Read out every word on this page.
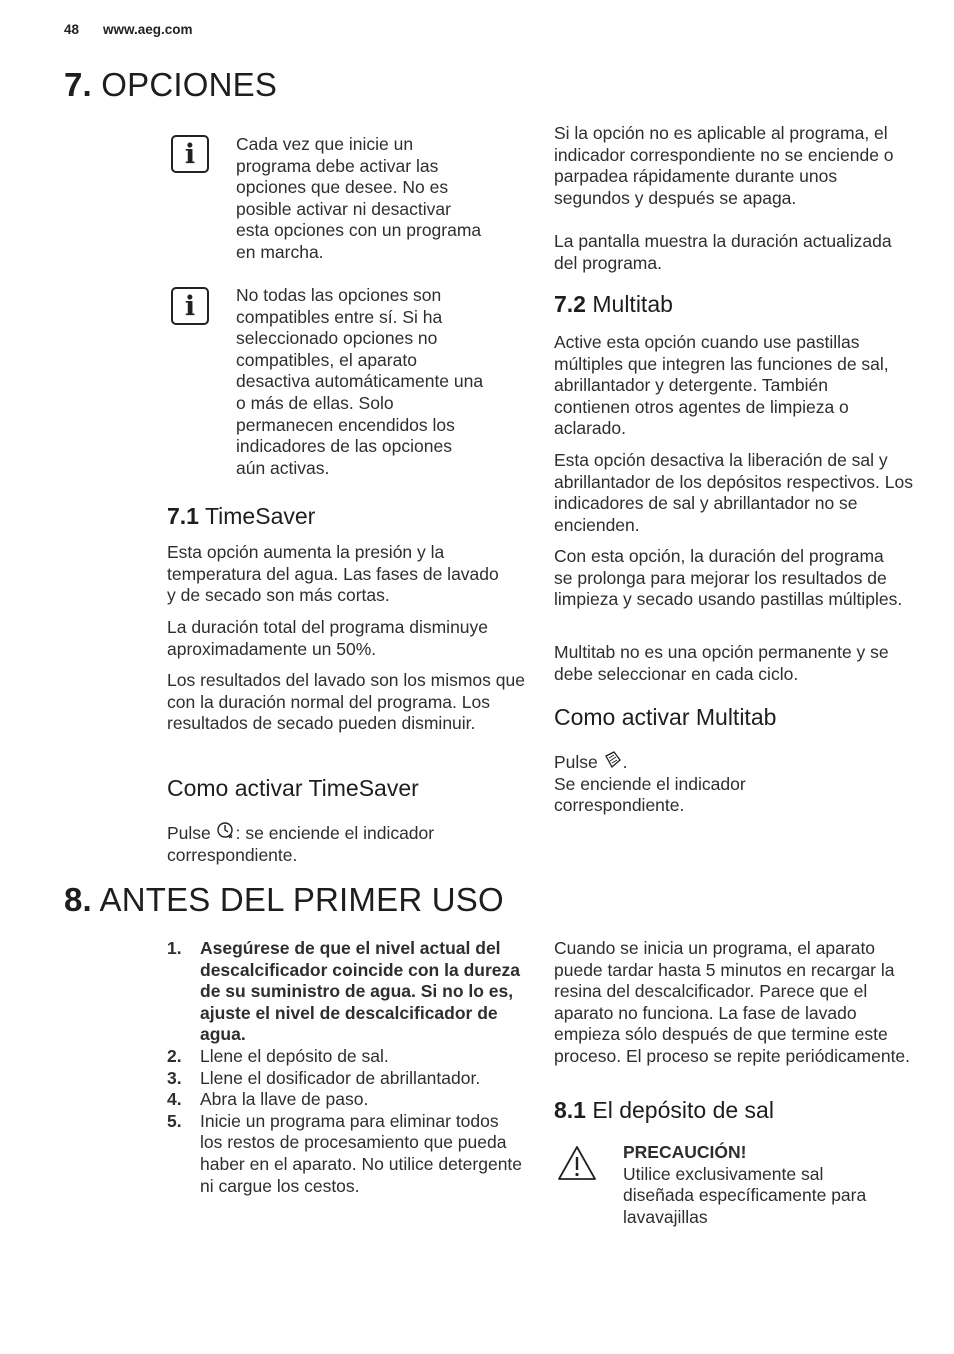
48 www.aeg.com
7. OPCIONES
i Cada vez que inicie un programa debe activar las opciones que desee. No es posible activar ni desactivar esta opciones con un programa en marcha.

i No todas las opciones son compatibles entre sí. Si ha seleccionado opciones no compatibles, el aparato desactiva automáticamente una o más de ellas. Solo permanecen encendidos los indicadores de las opciones aún activas.

7.1 TimeSaver

Esta opción aumenta la presión y la temperatura del agua. Las fases de lavado y de secado son más cortas.

La duración total del programa disminuye aproximadamente un 50%.

Los resultados del lavado son los mismos que con la duración normal del programa. Los resultados de secado pueden disminuir.

Como activar TimeSaver

Pulse : se enciende el indicador correspondiente.

Si la opción no es aplicable al programa, el indicador correspondiente no se enciende o parpadea rápidamente durante unos segundos y después se apaga.

La pantalla muestra la duración actualizada del programa.

7.2 Multitab

Active esta opción cuando use pastillas múltiples que integren las funciones de sal, abrillantador y detergente. También contienen otros agentes de limpieza o aclarado.

Esta opción desactiva la liberación de sal y abrillantador de los depósitos respectivos. Los indicadores de sal y abrillantador no se encienden.

Con esta opción, la duración del programa se prolonga para mejorar los resultados de limpieza y secado usando pastillas múltiples.

Multitab no es una opción permanente y se debe seleccionar en cada ciclo.

Como activar Multitab

Pulse .
Se enciende el indicador correspondiente.

8. ANTES DEL PRIMER USO
1. Asegúrese de que el nivel actual del descalcificador coincide con la dureza de su suministro de agua. Si no lo es, ajuste el nivel de descalcificador de agua.
2. Llene el depósito de sal.
3. Llene el dosificador de abrillantador.
4. Abra la llave de paso.
5. Inicie un programa para eliminar todos los restos de procesamiento que pueda haber en el aparato. No utilice detergente ni cargue los cestos.

Cuando se inicia un programa, el aparato puede tardar hasta 5 minutos en recargar la resina del descalcificador. Parece que el aparato no funciona. La fase de lavado empieza sólo después de que termine este proceso. El proceso se repite periódicamente.

8.1 El depósito de sal

PRECAUCIÓN!
Utilice exclusivamente sal diseñada específicamente para lavavajillas
